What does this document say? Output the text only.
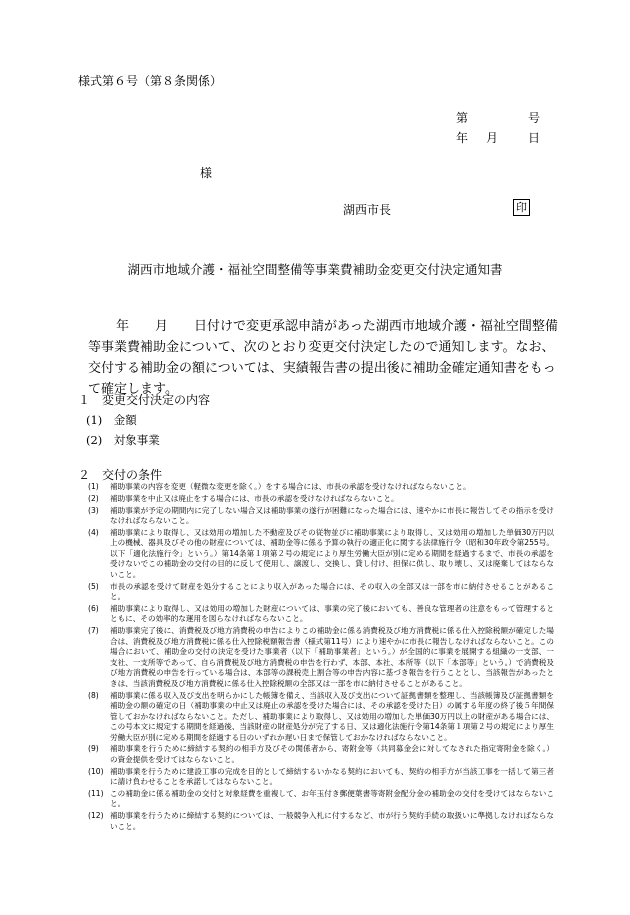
様式第６号（第８条関係）
第	号
年	月	日
様
湖西市長	印
湖西市地域介護・福祉空間整備等事業費補助金変更交付決定通知書
年　　月　　日付けで変更承認申請があった湖西市地域介護・福祉空間整備等事業費補助金について、次のとおり変更交付決定したので通知します。なお、交付する補助金の額については、実績報告書の提出後に補助金確定通知書をもって確定します。
１　変更交付決定の内容
(1)　金額
(2)　対象事業
２　交付の条件
(1)	補助事業の内容を変更（軽微な変更を除く。）をする場合には、市長の承認を受けなければならないこと。
(2)	補助事業を中止又は廃止をする場合には、市長の承認を受けなければならないこと。
(3)	補助事業が予定の期間内に完了しない場合又は補助事業の遂行が困難になった場合には、速やかに市長に報告してその指示を受けなければならないこと。
(4)	補助事業により取得し、又は効用の増加した不動産及びその従物並びに補助事業により取得し、又は効用の増加した単価30万円以上の機械、器具及びその他の財産については、補助金等に係る予算の執行の適正化に関する法律施行令（昭和30年政令第255号。以下「適化法施行令」という。）第14条第１項第２号の規定により厚生労働大臣が別に定める期間を経過するまで、市長の承認を受けないでこの補助金の交付の目的に反して使用し、譲渡し、交換し、貸し付け、担保に供し、取り壊し、又は廃棄してはならないこと。
(5)	市長の承認を受けて財産を処分することにより収入があった場合には、その収入の全部又は一部を市に納付させることがあること。
(6)	補助事業により取得し、又は効用の増加した財産については、事業の完了後においても、善良な管理者の注意をもって管理するとともに、その効率的な運用を図らなければならないこと。
(7)	補助事業完了後に、消費税及び地方消費税の申告によりこの補助金に係る消費税及び地方消費税に係る仕入控除税額が確定した場合は、消費税及び地方消費税に係る仕入控除税額報告書（様式第11号）により速やかに市長に報告しなければならないこと。この場合において、補助金の交付の決定を受けた事業者（以下「補助事業者」という。）が全国的に事業を展開する組織の一支部、一支社、一支所等であって、自ら消費税及び地方消費税の申告を行わず、本部、本社、本所等（以下「本部等」という。）で消費税及び地方消費税の申告を行っている場合は、本部等の課税売上割合等の申告内容に基づき報告を行うこととし、当該報告があったときは、当該消費税及び地方消費税に係る仕入控除税額の全部又は一部を市に納付させることがあること。
(8)	補助事業に係る収入及び支出を明らかにした帳簿を備え、当該収入及び支出について証拠書類を整理し、当該帳簿及び証拠書類を補助金の額の確定の日（補助事業の中止又は廃止の承認を受けた場合には、その承認を受けた日）の属する年度の終了後５年間保管しておかなければならないこと。ただし、補助事業により取得し、又は効用の増加した単価30万円以上の財産がある場合には、この号本文に規定する期間を経過後、当該財産の財産処分が完了する日、又は適化法施行令第14条第１項第２号の規定により厚生労働大臣が別に定める期間を経過する日のいずれか遅い日まで保管しておかなければならないこと。
(9)	補助事業を行うために締結する契約の相手方及びその関係者から、寄附金等（共同募金会に対してなされた指定寄附金を除く。）の資金提供を受けてはならないこと。
(10) 補助事業を行うために建設工事の完成を目的として締結するいかなる契約においても、契約の相手方が当該工事を一括して第三者に請け負わせることを承諾してはならないこと。
(11) この補助金に係る補助金の交付と対象経費を重複して、お年玉付き郵便葉書等寄附金配分金の補助金の交付を受けてはならないこと。
(12) 補助事業を行うために締結する契約については、一般競争入札に付するなど、市が行う契約手続の取扱いに準拠しなければならないこと。
